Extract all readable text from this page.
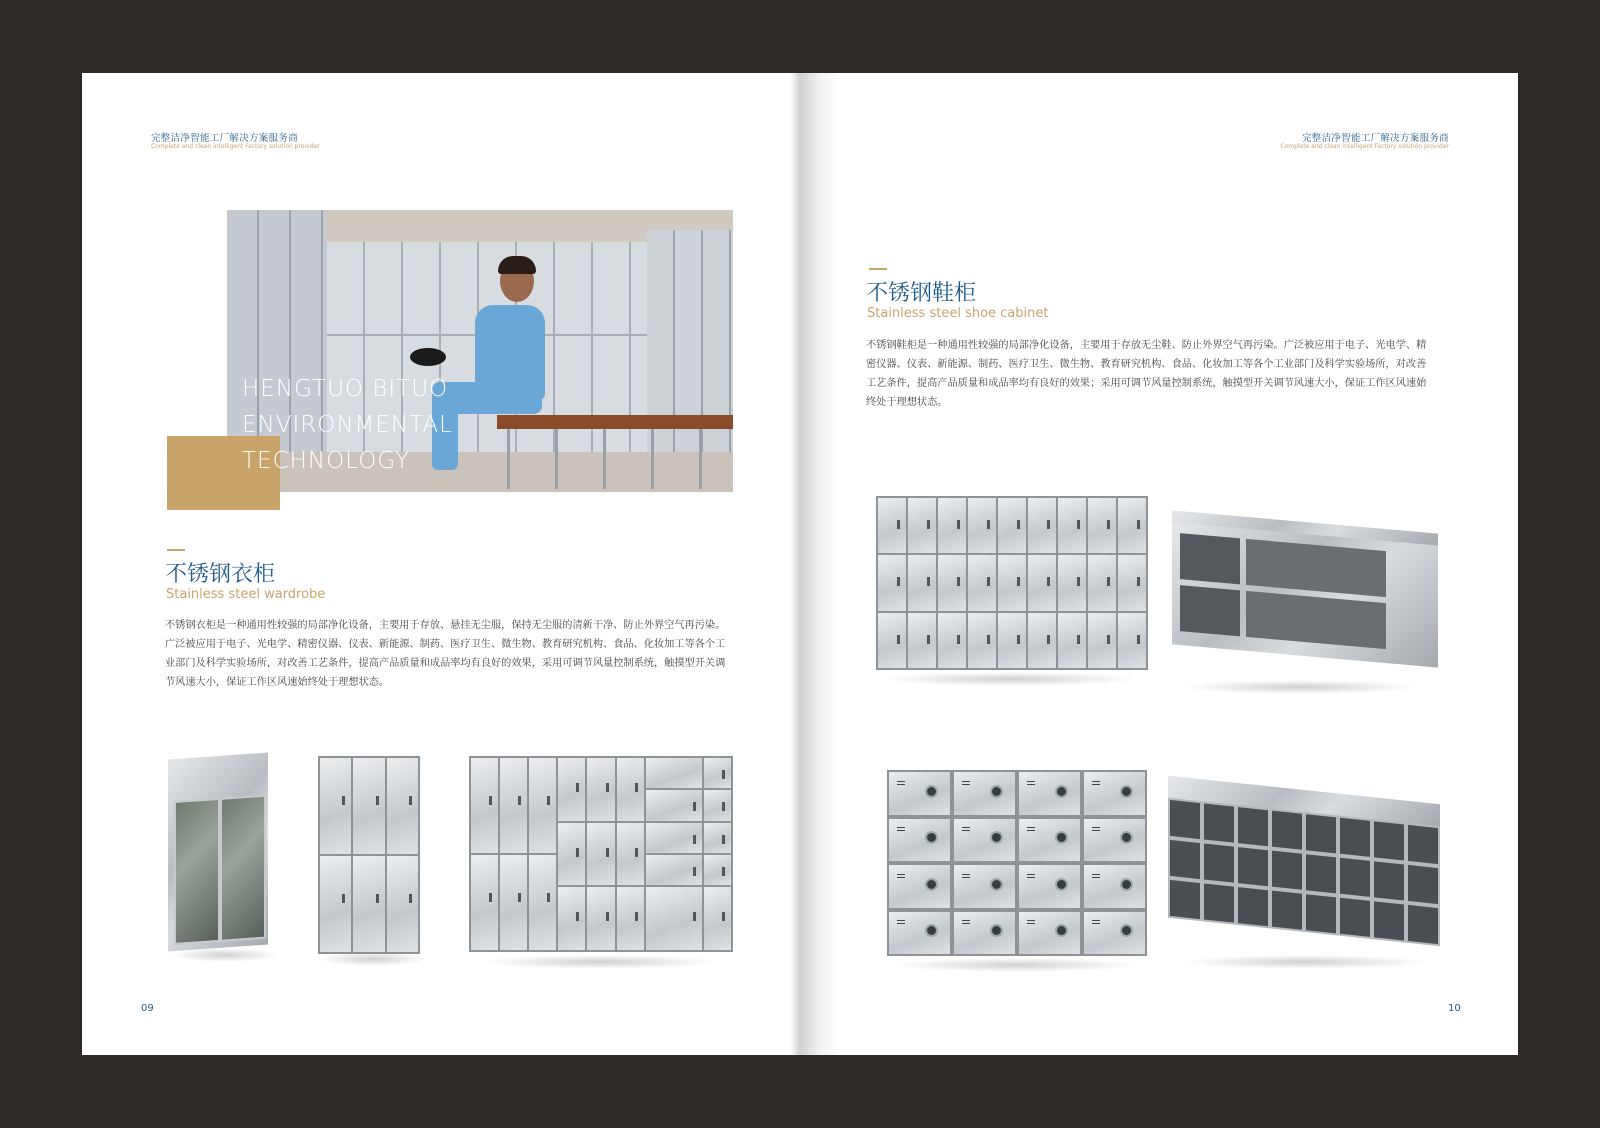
完整洁净智能工厂解决方案服务商
Complete and clean intelligent Factory solution provider
HENGTUO BITUO
ENVIRONMENTAL
TECHNOLOGY
不锈钢衣柜
Stainless steel wardrobe

不锈钢衣柜是一种通用性较强的局部净化设备，主要用于存放、悬挂无尘服，保持无尘服的清新干净、防止外界空气再污染。广泛被应用于电子、光电学、精密仪器、仪表、新能源、制药、医疗卫生、微生物、教育研究机构、食品、化妆加工等各个工业部门及科学实验场所，对改善工艺条件，提高产品质量和成品率均有良好的效果，采用可调节风量控制系统，触摸型开关调节风速大小，保证工作区风速始终处于理想状态。

09
完整洁净智能工厂解决方案服务商
Complete and clean intelligent Factory solution provider
不锈钢鞋柜
Stainless steel shoe cabinet

不锈钢鞋柜是一种通用性较强的局部净化设备，主要用于存放无尘鞋、防止外界空气再污染。广泛被应用于电子、光电学、精密仪器、仪表、新能源、制药、医疗卫生、微生物、教育研究机构、食品、化妆加工等各个工业部门及科学实验场所，对改善工艺条件，提高产品质量和成品率均有良好的效果；采用可调节风量控制系统，触摸型开关调节风速大小，保证工作区风速始终处于理想状态。

10
